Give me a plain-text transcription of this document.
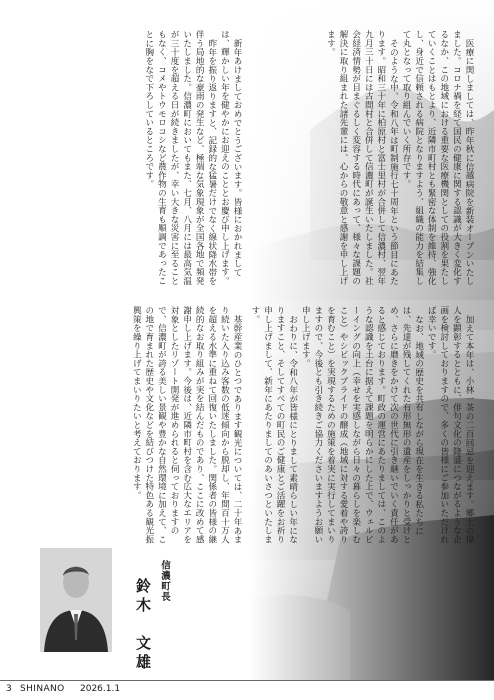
新年あけましておめでとうございます。皆様におかれましては、輝かしい年を健やかにお迎えのこととお慶び申し上げます。

昨年を振り返りますと、記録的な猛暑だけでなく線状降水帯を伴う局地的な豪雨の発生など、極端な気象現象が全国各地で頻発いたしました。信濃町においてもまた、七月、八月には最高気温が三十度を超える日が続きましたが、幸い大きな災害に至ることもなく、コメやトウモロコシなど農作物の生育も順調であったことに胸をなで下ろしているところです。

基幹産業のひとつであります観光については、二十年あまり続いた入り込み客数の低迷傾向から脱却し、年間百十万人を超える水準に重ねて回復いたしました。関係者の皆様の継続的なお取り組みが実を結んだものであり、ここに改めて感謝申し上げます。今後は、近隣市町村を含む広大なエリアを対象としたリゾート開発が進められると伺っておりますので、信濃町が誇る美しい景観や豊かな自然環境に加えて、この地で育まれた歴史や文化などを結びつけた特色ある観光振興策を繰り上げてまいりたいと考えております。

医療に関しましては、昨年秋に信越病院を新装オープンいたしました。コロナ禍を経て国民の健康に関する認識が大きく変化するなか、この地域における重要な医療機関としての役割を果たしていくことはもとより、近隣市町村とも緊密な体制を維持、強化し、身近で信頼される病院となりますよう、組織の能力を結集して丸となって取り組んでいく所存です。

そのような中、令和八年は町制施行七十周年という節目にあたります。昭和三十年に柏原村と富士里村が合併して信濃村、翌年九月三十日には古間村と合併して信濃町が誕生いたしました。社会経済情勢が目まぐるしく変容する時代にあって、様々な課題の解決に取り組まれた諸先輩には、心からの敬意と感謝を申し上げます。

加えて本年は、小林一茶の二百回忌を迎えます。郷土の偉人を顕彰するとともに、俳句文化の降盛につながるような企画を検討しておりますので、多くの皆様にご参加いただければ幸いです。

なお、地域の歴史を共有しながら現在を生きる私たちには、先達が残してくれた有形無形の遺産をしっかりと受けとめ、さらに磨きをかけて次の世代に引き継いでいく責任があると感じております。町政の運営にあたりましては、このような認識を土台に据えて課題を明らかにした上で、ウェルビーイングの向上（幸せを実感しながら日々の暮らしを楽しむこと）やシビックプライドの醸成（地域に対する愛着や誇りを育むこと）を実現するための施策を着実に実行してまいりますので、今後とも引き続きご協力くださいますようお願い申し上げます。

おわりに、令和八年が皆様にとりまして素晴らしい年になりますこと、そしてすべての町民のご健康とご活躍をお祈り申し上げまして、新年にあたりましてのあいさつといたします。

信濃町長
鈴木　文雄
3 SHINANO 2026.1.1
